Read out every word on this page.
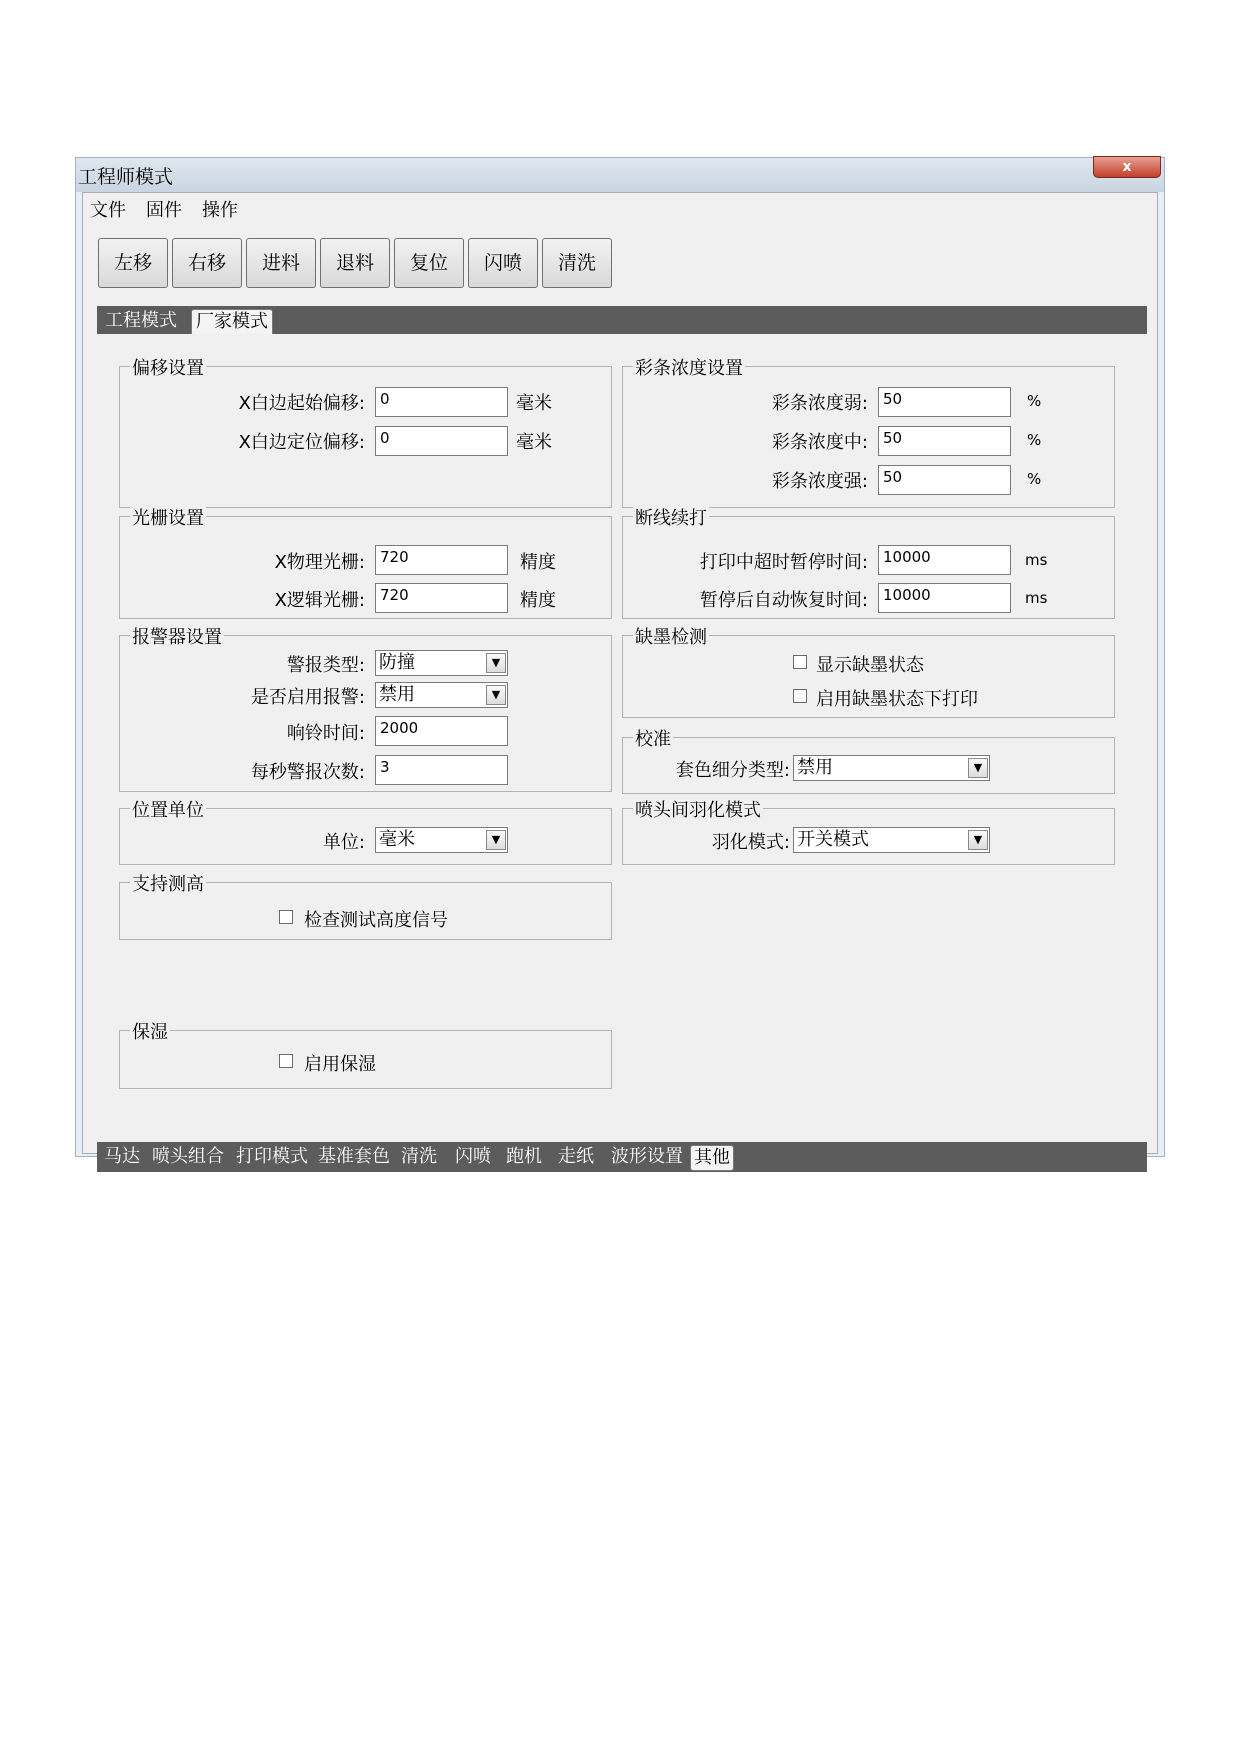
工程师模式	x
文件 固件 操作
左移	右移	进料	退料	复位	闪喷	清洗
工程模式 厂家模式
偏移设置
X白边起始偏移:	0	毫米
X白边定位偏移:	0	毫米
彩条浓度设置
彩条浓度弱:	50	%
彩条浓度中:	50	%
彩条浓度强:	50	%
光栅设置
X物理光栅:	720	精度
X逻辑光栅:	720	精度
断线续打
打印中超时暂停时间:	10000	ms
暂停后自动恢复时间:	10000	ms
报警器设置
警报类型: 防撞	▼
是否启用报警: 禁用	▼
响铃时间:	2000
每秒警报次数:	3
缺墨检测
显示缺墨状态
启用缺墨状态下打印
校准
套色细分类型: 禁用	▼
位置单位
单位: 毫米	▼
喷头间羽化模式
羽化模式: 开关模式	▼
支持测高
检查测试高度信号
保湿
启用保湿
马达 喷头组合 打印模式 基准套色 清洗 闪喷 跑机 走纸 波形设置 其他
